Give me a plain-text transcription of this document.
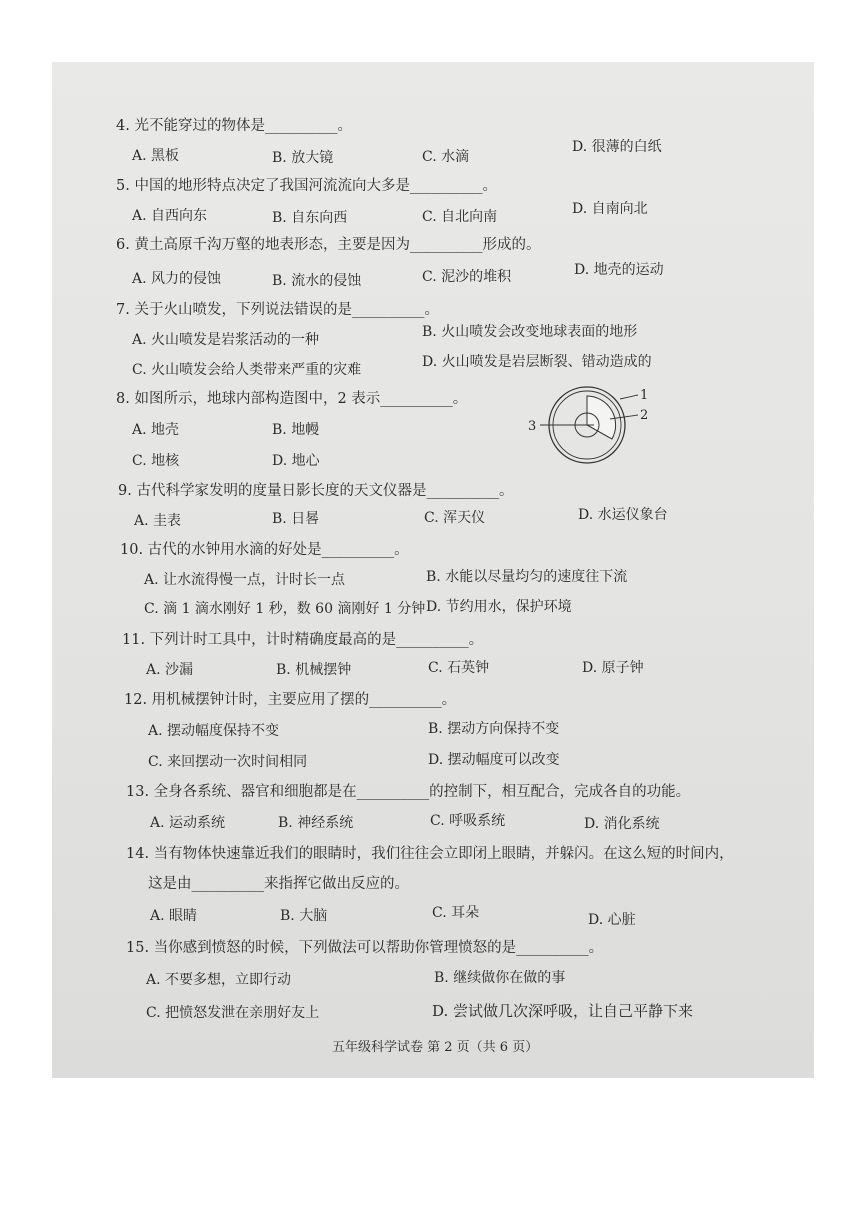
4. 光不能穿过的物体是__________。
A. 黑板	B. 放大镜	C. 水滴
D. 很薄的白纸
5. 中国的地形特点决定了我国河流流向大多是__________。
A. 自西向东	B. 自东向西	C. 自北向南	D. 自南向北
6. 黄土高原千沟万壑的地表形态，主要是因为__________形成的。
A. 风力的侵蚀	B. 流水的侵蚀	C. 泥沙的堆积	D. 地壳的运动
7. 关于火山喷发，下列说法错误的是__________。
A. 火山喷发是岩浆活动的一种	B. 火山喷发会改变地球表面的地形
C. 火山喷发会给人类带来严重的灾难	D. 火山喷发是岩层断裂、错动造成的
8. 如图所示，地球内部构造图中，2 表示__________。
A. 地壳	B. 地幔
C. 地核	D. 地心
1
2
3
9. 古代科学家发明的度量日影长度的天文仪器是__________。
A. 圭表	B. 日晷	C. 浑天仪	D. 水运仪象台
10. 古代的水钟用水滴的好处是__________。
A. 让水流得慢一点，计时长一点	B. 水能以尽量均匀的速度往下流
C. 滴 1 滴水刚好 1 秒，数 60 滴刚好 1 分钟 D. 节约用水，保护环境
11. 下列计时工具中，计时精确度最高的是__________。
A. 沙漏	B. 机械摆钟	C. 石英钟	D. 原子钟
12. 用机械摆钟计时，主要应用了摆的__________。
A. 摆动幅度保持不变	B. 摆动方向保持不变
C. 来回摆动一次时间相同	D. 摆动幅度可以改变
13. 全身各系统、器官和细胞都是在__________的控制下，相互配合，完成各自的功能。
A. 运动系统	B. 神经系统	C. 呼吸系统	D. 消化系统
14. 当有物体快速靠近我们的眼睛时，我们往往会立即闭上眼睛，并躲闪。在这么短的时间内，
这是由__________来指挥它做出反应的。
A. 眼睛	B. 大脑	C. 耳朵	D. 心脏
15. 当你感到愤怒的时候，下列做法可以帮助你管理愤怒的是__________。
A. 不要多想，立即行动	B. 继续做你在做的事
C. 把愤怒发泄在亲朋好友上	D. 尝试做几次深呼吸，让自己平静下来
五年级科学试卷 第 2 页（共 6 页）
